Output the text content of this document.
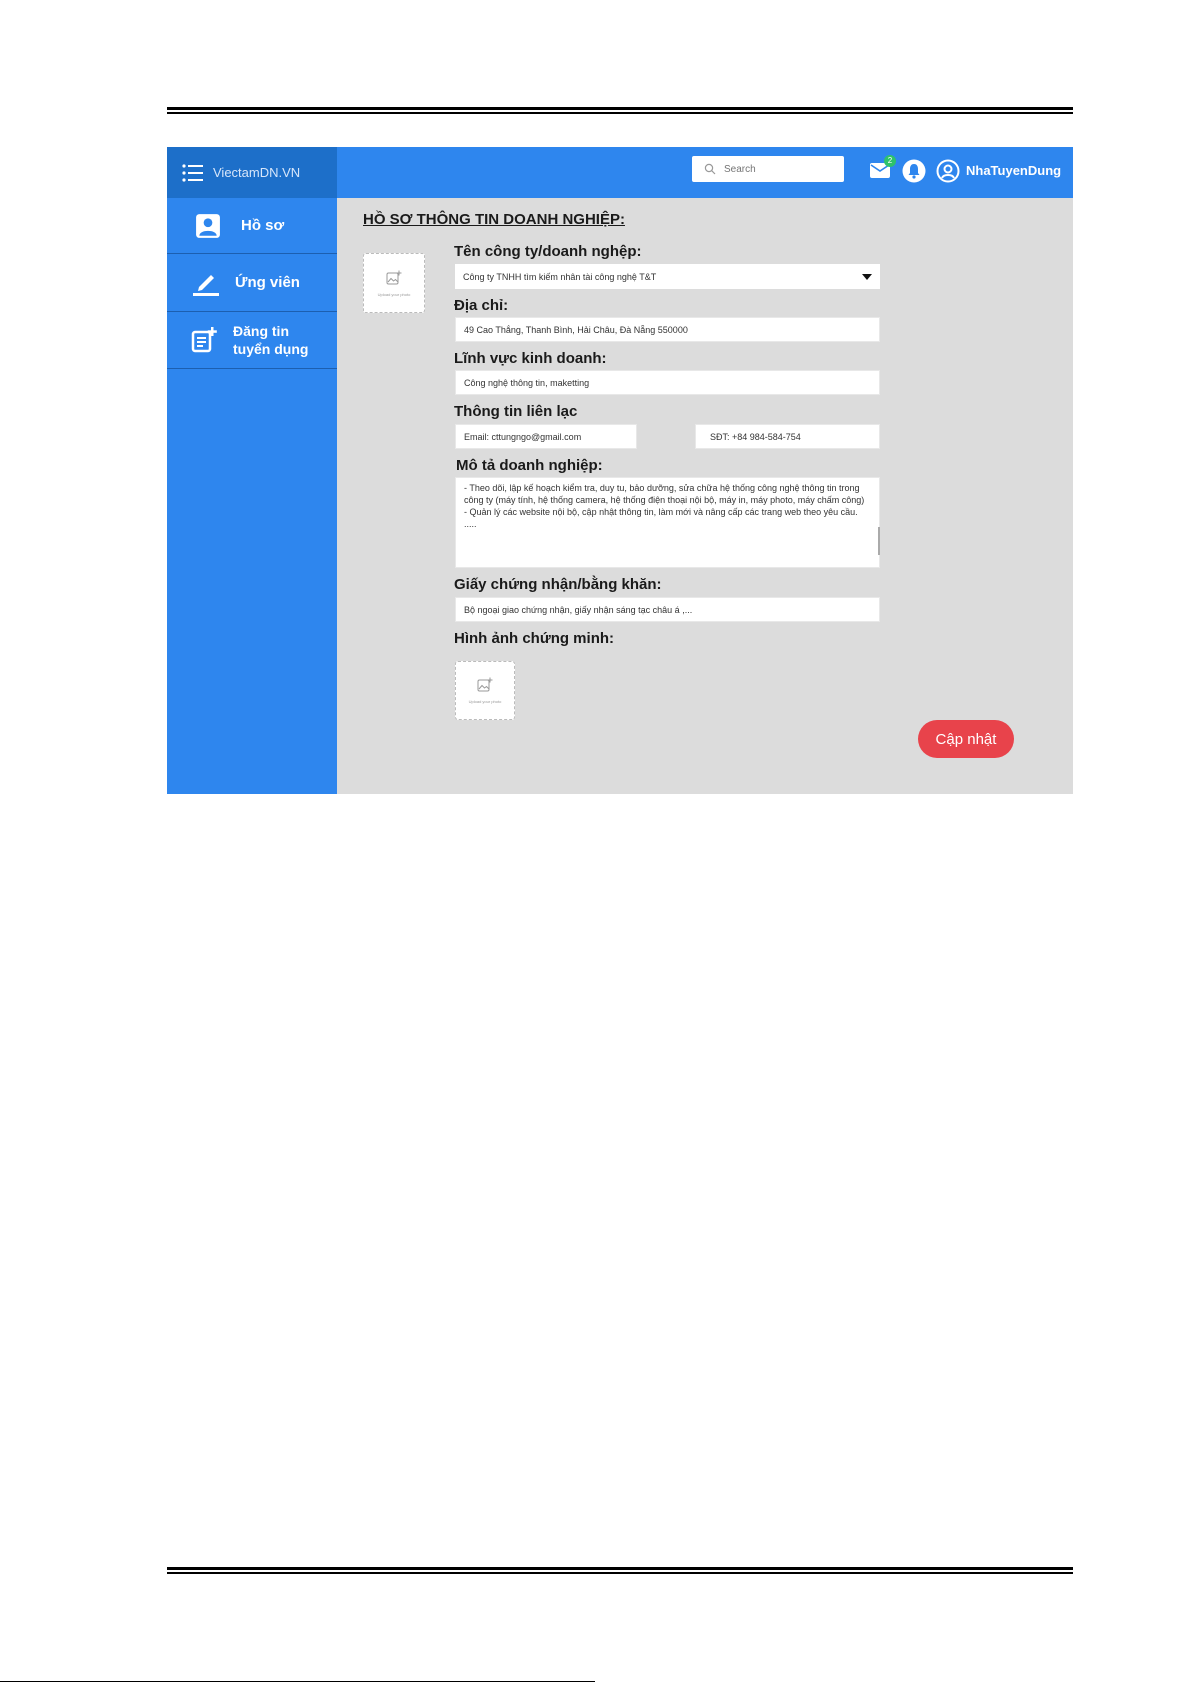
ViectamDN.VN
Hồ sơ
Ứng viên
Đăng tin
tuyển dụng
Search
2
NhaTuyenDung
HỒ SƠ THÔNG TIN DOANH NGHIỆP:
Upload your photo
Tên công ty/doanh nghệp:
Công ty TNHH tìm kiếm nhân tài công nghệ T&T
Địa chỉ:
49 Cao Thắng, Thanh Bình, Hải Châu, Đà Nẵng 550000
Lĩnh vực kinh doanh:
Công nghệ thông tin, maketting
Thông tin liên lạc
Email: cttungngo@gmail.com
SĐT: +84 984-584-754
Mô tả doanh nghiệp:
- Theo dõi, lập kế hoạch kiểm tra, duy tu, bảo dưỡng, sửa chữa hệ thống công nghệ thông tin trong công ty (máy tính, hệ thống camera, hệ thống điện thoại nội bộ, máy in, máy photo, máy chấm công) - Quản lý các website nội bộ, cập nhật thông tin, làm mới và nâng cấp các trang web theo yêu cầu. .....
Giấy chứng nhận/bằng khăn:
Bộ ngoại giao chứng nhận, giấy nhận sáng tạc châu á ,...
Hình ảnh chứng minh:
Upload your photo
Cập nhật
